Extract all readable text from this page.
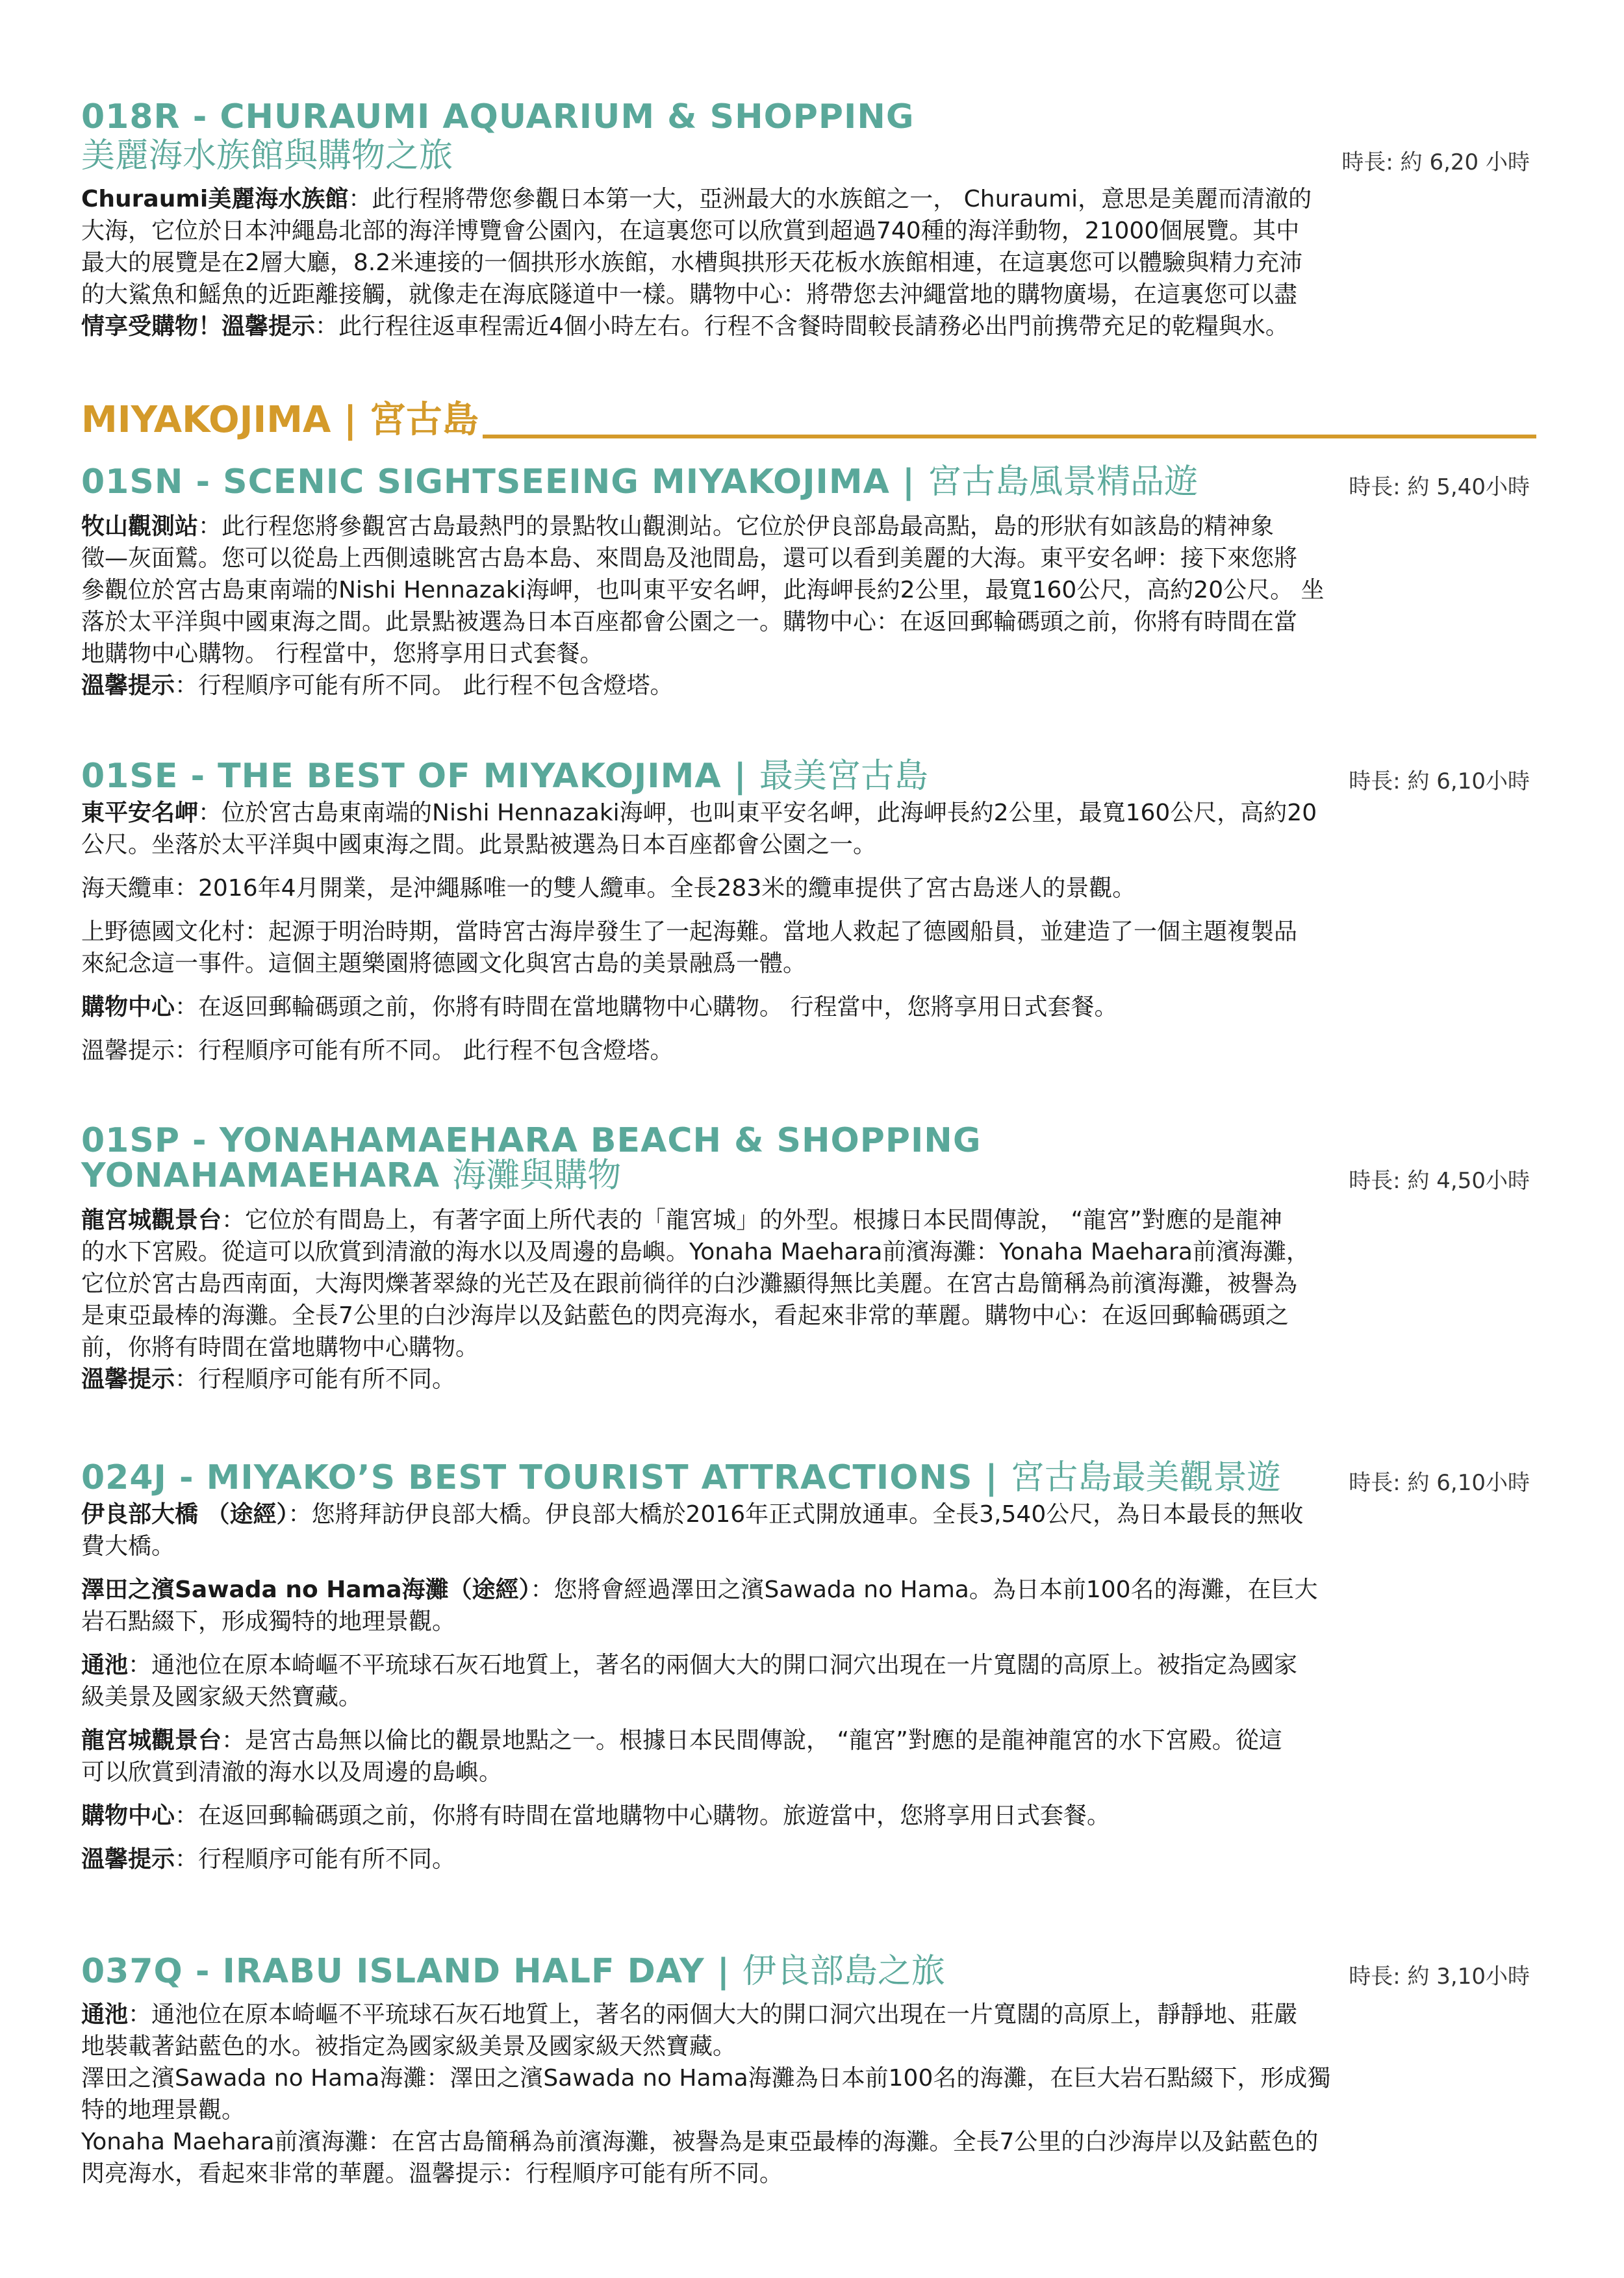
018R - CHURAUMI AQUARIUM & SHOPPING
美麗海水族館與購物之旅	時長: 約 6,20 小時

Churaumi美麗海水族館：此行程將帶您參觀日本第一大，亞洲最大的水族館之一， Churaumi，意思是美麗而清澈的

大海，它位於日本沖繩島北部的海洋博覽會公園內，在這裏您可以欣賞到超過740種的海洋動物，21000個展覽。其中

最大的展覽是在2層大廳，8.2米連接的一個拱形水族館，水槽與拱形天花板水族館相連，在這裏您可以體驗與精力充沛

的大鯊魚和鰩魚的近距離接觸，就像走在海底隧道中一樣。購物中心：將帶您去沖繩當地的購物廣場，在這裏您可以盡

情享受購物！溫馨提示：此行程往返車程需近4個小時左右。行程不含餐時間較長請務必出門前携帶充足的乾糧與水。

MIYAKOJIMA | 宮古島
01SN - SCENIC SIGHTSEEING MIYAKOJIMA | 宮古島風景精品遊	時長: 約 5,40小時

牧山觀測站：此行程您將參觀宮古島最熱門的景點牧山觀測站。它位於伊良部島最高點，島的形狀有如該島的精神象

徵—灰面鷲。您可以從島上西側遠眺宮古島本島、來間島及池間島，還可以看到美麗的大海。東平安名岬：接下來您將

參觀位於宮古島東南端的Nishi Hennazaki海岬，也叫東平安名岬，此海岬長約2公里，最寬160公尺，高約20公尺。 坐

落於太平洋與中國東海之間。此景點被選為日本百座都會公園之一。購物中心：在返回郵輪碼頭之前，你將有時間在當

地購物中心購物。 行程當中，您將享用日式套餐。

溫馨提示：行程順序可能有所不同。 此行程不包含燈塔。

01SE - THE BEST OF MIYAKOJIMA | 最美宮古島	時長: 約 6,10小時

東平安名岬：位於宮古島東南端的Nishi Hennazaki海岬，也叫東平安名岬，此海岬長約2公里，最寬160公尺，高約20

公尺。坐落於太平洋與中國東海之間。此景點被選為日本百座都會公園之一。

海天纜車：2016年4月開業，是沖繩縣唯一的雙人纜車。全長283米的纜車提供了宮古島迷人的景觀。

上野德國文化村：起源于明治時期，當時宮古海岸發生了一起海難。當地人救起了德國船員，並建造了一個主題複製品

來紀念這一事件。這個主題樂園將德國文化與宮古島的美景融爲一體。

購物中心：在返回郵輪碼頭之前，你將有時間在當地購物中心購物。 行程當中，您將享用日式套餐。

溫馨提示：行程順序可能有所不同。 此行程不包含燈塔。

01SP - YONAHAMAEHARA BEACH & SHOPPING
YONAHAMAEHARA 海灘與購物	時長: 約 4,50小時

龍宮城觀景台：它位於有間島上，有著字面上所代表的「龍宮城」的外型。根據日本民間傳說， “龍宮”對應的是龍神

的水下宮殿。從這可以欣賞到清澈的海水以及周邊的島嶼。Yonaha Maehara前濱海灘：Yonaha Maehara前濱海灘，

它位於宮古島西南面，大海閃爍著翠綠的光芒及在跟前徜徉的白沙灘顯得無比美麗。在宮古島簡稱為前濱海灘，被譽為

是東亞最棒的海灘。全長7公里的白沙海岸以及鈷藍色的閃亮海水，看起來非常的華麗。購物中心：在返回郵輪碼頭之

前，你將有時間在當地購物中心購物。

溫馨提示：行程順序可能有所不同。

024J - MIYAKO’S BEST TOURIST ATTRACTIONS | 宮古島最美觀景遊	時長: 約 6,10小時

伊良部大橋 （途經）：您將拜訪伊良部大橋。伊良部大橋於2016年正式開放通車。全長3,540公尺，為日本最長的無收

費大橋。

澤田之濱Sawada no Hama海灘（途經）：您將會經過澤田之濱Sawada no Hama。為日本前100名的海灘，在巨大

岩石點綴下，形成獨特的地理景觀。

通池：通池位在原本崎嶇不平琉球石灰石地質上，著名的兩個大大的開口洞穴出現在一片寬闊的高原上。被指定為國家

級美景及國家級天然寶藏。

龍宮城觀景台：是宮古島無以倫比的觀景地點之一。根據日本民間傳說， “龍宮”對應的是龍神龍宮的水下宮殿。從這

可以欣賞到清澈的海水以及周邊的島嶼。

購物中心：在返回郵輪碼頭之前，你將有時間在當地購物中心購物。旅遊當中，您將享用日式套餐。

溫馨提示：行程順序可能有所不同。

037Q - IRABU ISLAND HALF DAY | 伊良部島之旅	時長: 約 3,10小時

通池：通池位在原本崎嶇不平琉球石灰石地質上，著名的兩個大大的開口洞穴出現在一片寬闊的高原上，靜靜地、莊嚴

地裝載著鈷藍色的水。被指定為國家級美景及國家級天然寶藏。

澤田之濱Sawada no Hama海灘：澤田之濱Sawada no Hama海灘為日本前100名的海灘，在巨大岩石點綴下，形成獨

特的地理景觀。

Yonaha Maehara前濱海灘：在宮古島簡稱為前濱海灘，被譽為是東亞最棒的海灘。全長7公里的白沙海岸以及鈷藍色的

閃亮海水，看起來非常的華麗。溫馨提示：行程順序可能有所不同。
